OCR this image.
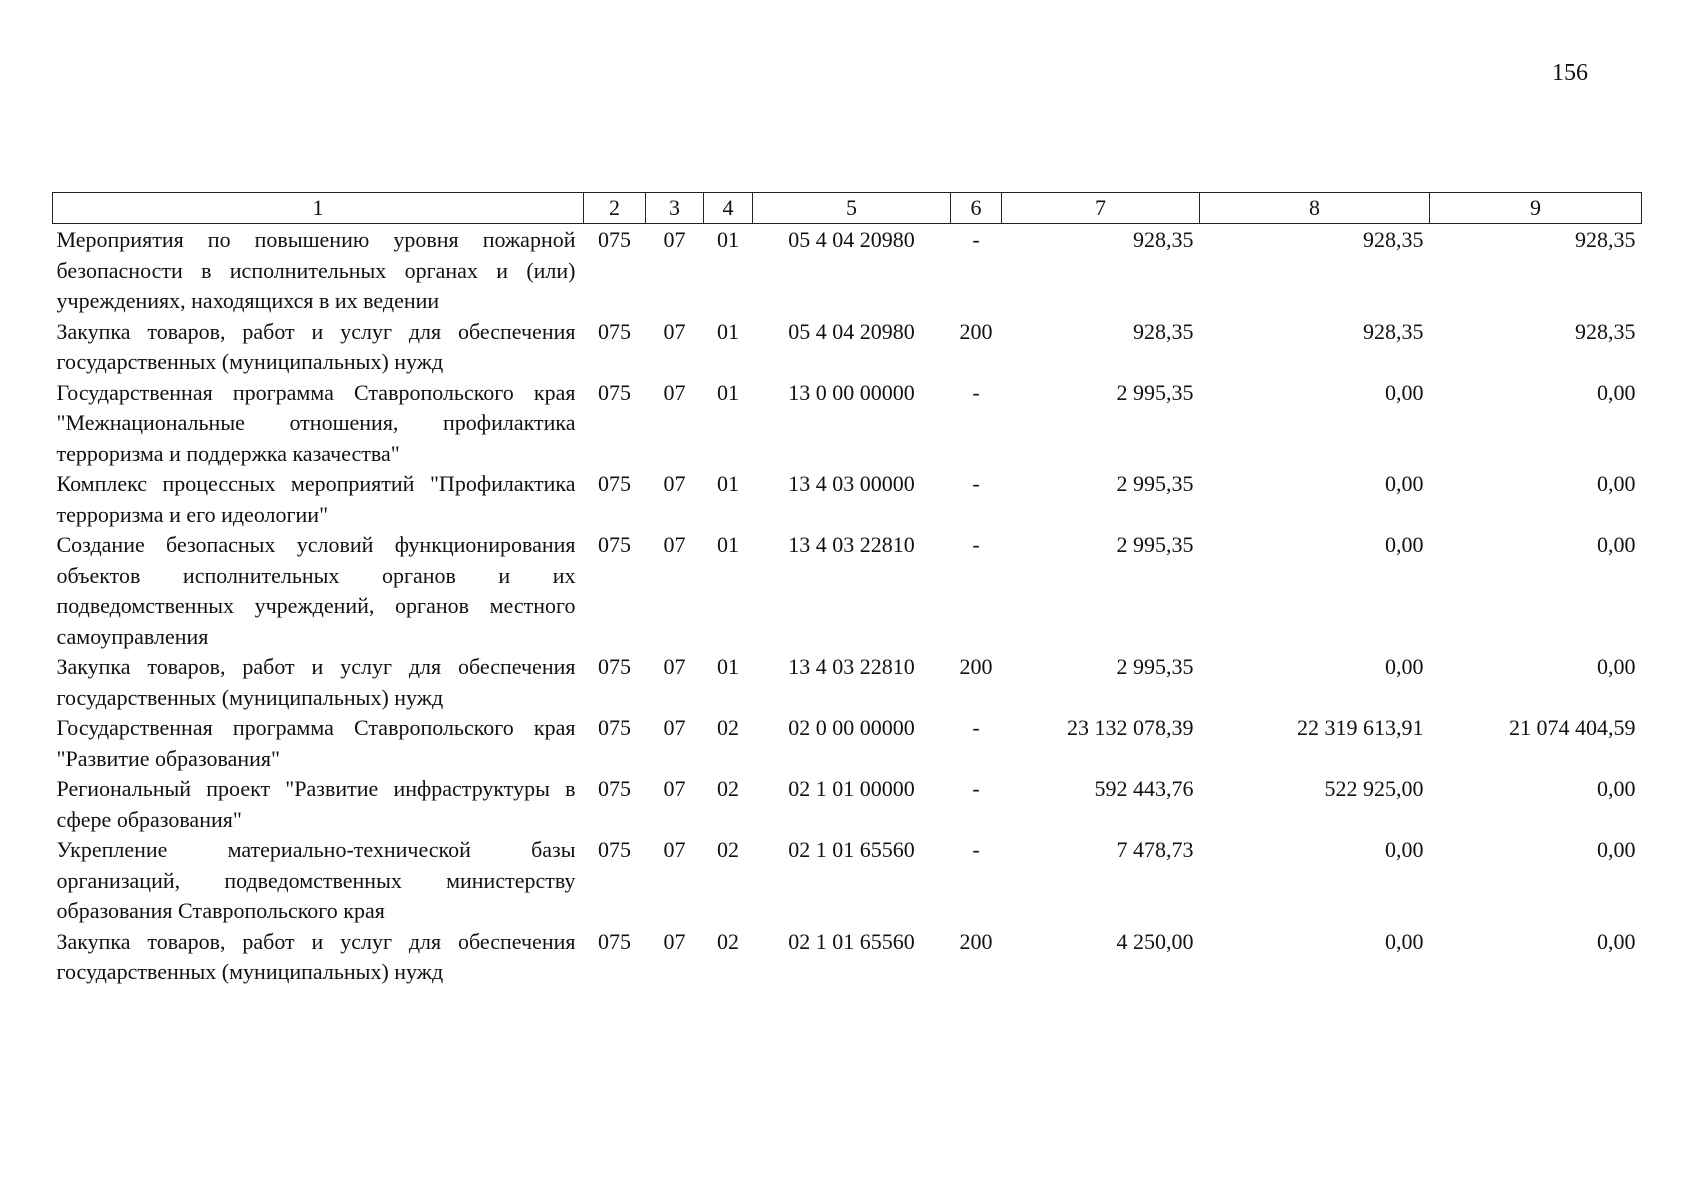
156
1	2	3	4	5	6	7	8	9
Мероприятия по повышению уровня пожарной безопасности в исполнительных органах и (или) учреждениях, находящихся в их ведении	075	07	01	05 4 04 20980	-	928,35	928,35	928,35
Закупка товаров, работ и услуг для обеспечения государственных (муниципальных) нужд	075	07	01	05 4 04 20980	200	928,35	928,35	928,35
Государственная программа Ставропольского края "Межнациональные отношения, профилактика терроризма и поддержка казачества"	075	07	01	13 0 00 00000	-	2 995,35	0,00	0,00
Комплекс процессных мероприятий "Профилактика терроризма и его идеологии"	075	07	01	13 4 03 00000	-	2 995,35	0,00	0,00
Создание безопасных условий функционирования объектов исполнительных органов и их подведомственных учреждений, органов местного самоуправления	075	07	01	13 4 03 22810	-	2 995,35	0,00	0,00
Закупка товаров, работ и услуг для обеспечения государственных (муниципальных) нужд	075	07	01	13 4 03 22810	200	2 995,35	0,00	0,00
Государственная программа Ставропольского края "Развитие образования"	075	07	02	02 0 00 00000	-	23 132 078,39	22 319 613,91	21 074 404,59
Региональный проект "Развитие инфраструктуры в сфере образования"	075	07	02	02 1 01 00000	-	592 443,76	522 925,00	0,00
Укрепление материально-технической базы организаций, подведомственных министерству образования Ставропольского края	075	07	02	02 1 01 65560	-	7 478,73	0,00	0,00
Закупка товаров, работ и услуг для обеспечения государственных (муниципальных) нужд	075	07	02	02 1 01 65560	200	4 250,00	0,00	0,00
